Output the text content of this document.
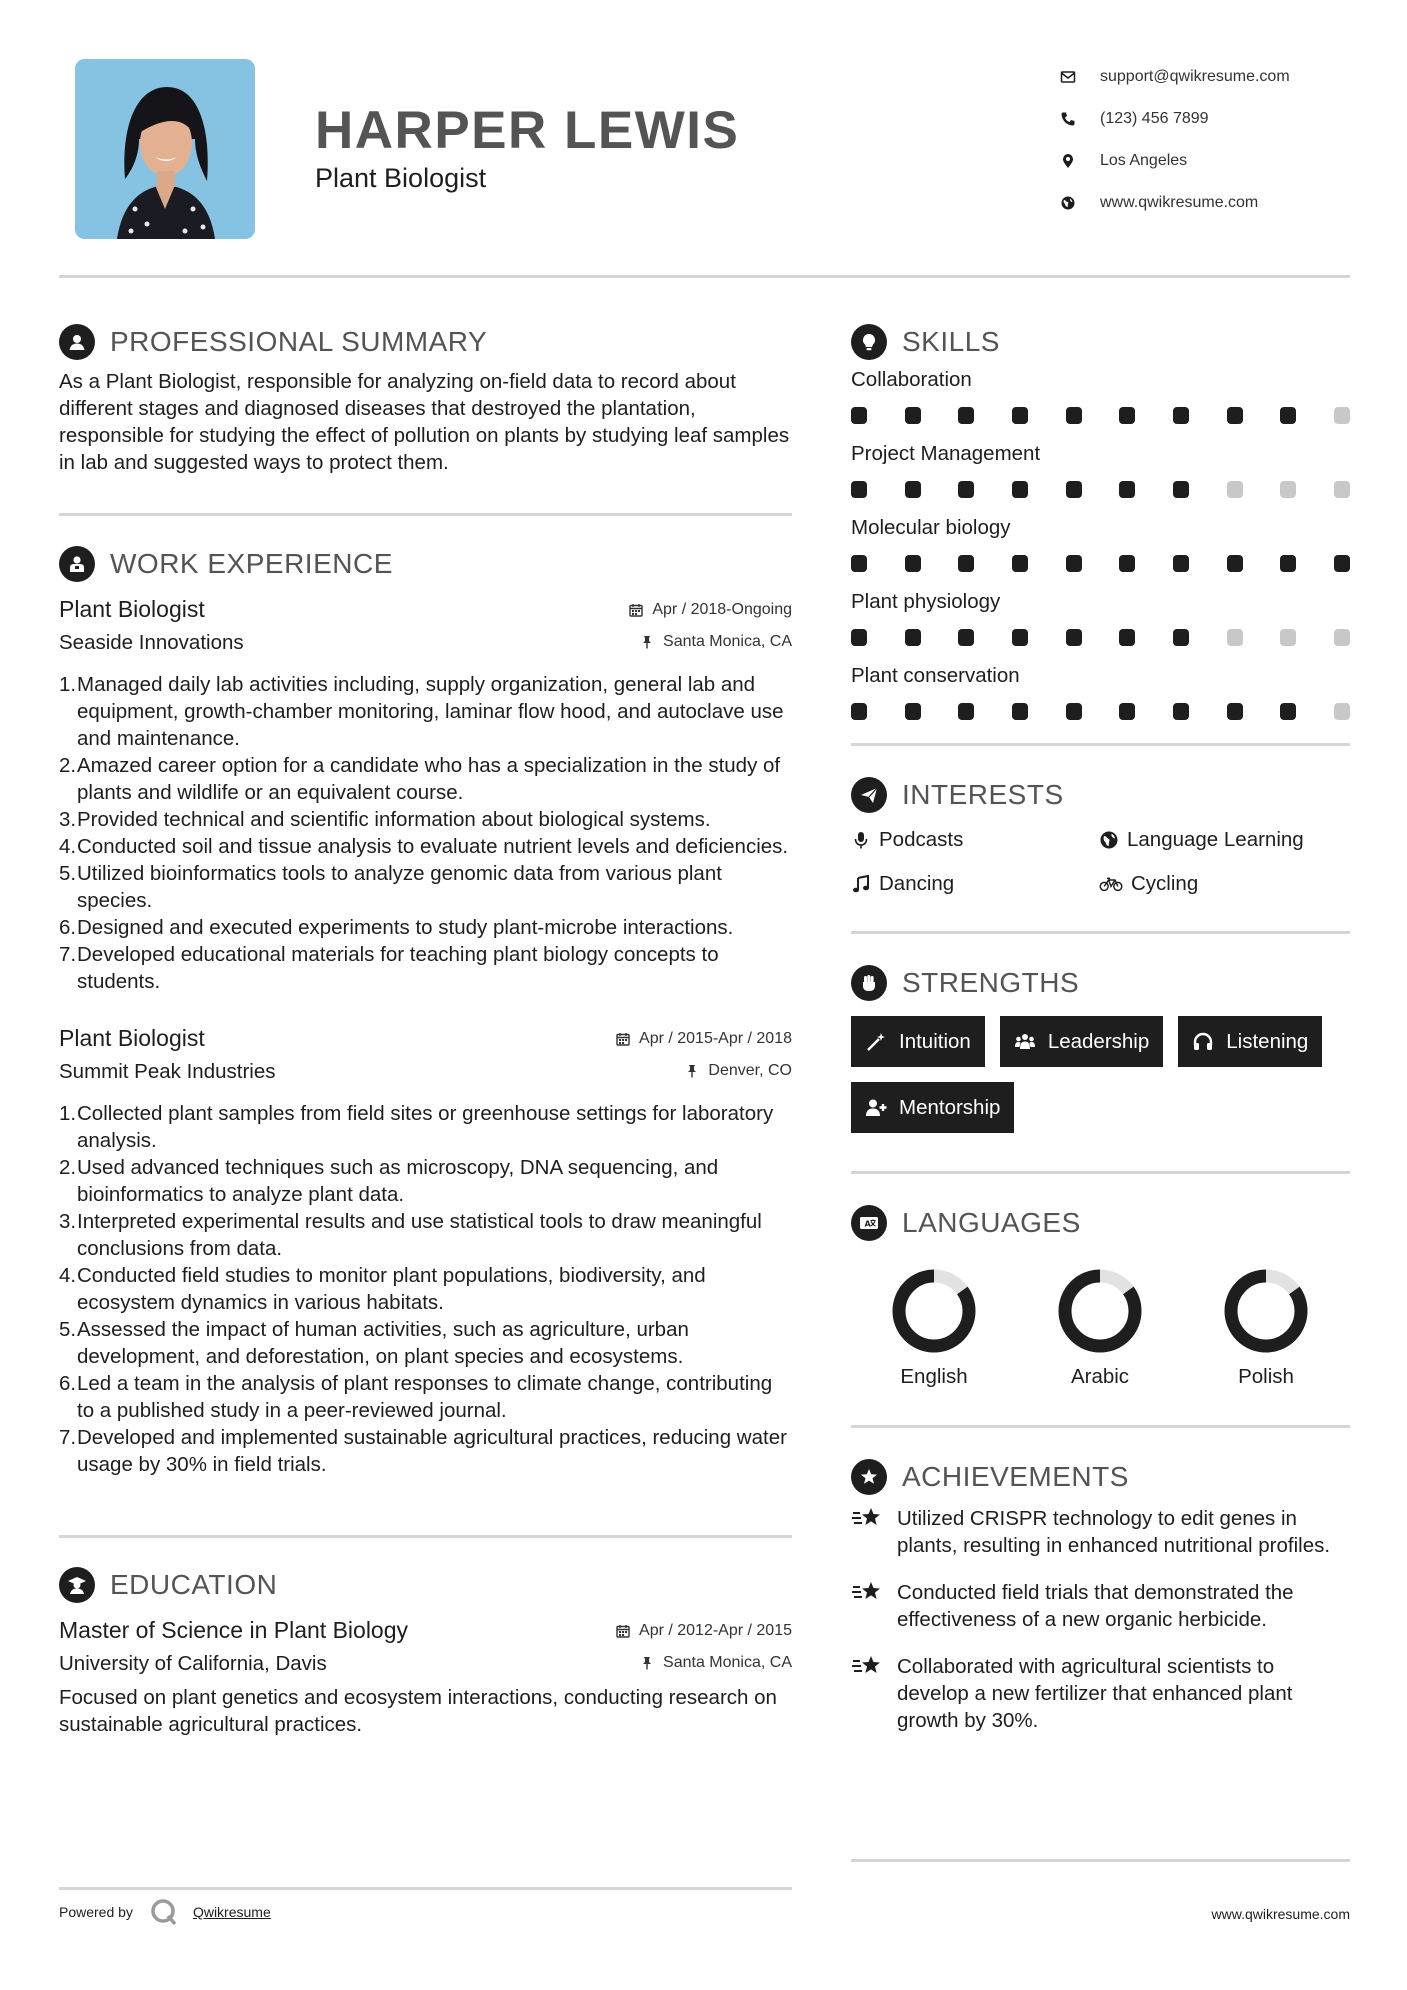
HARPER LEWIS
Plant Biologist
support@qwikresume.com
(123) 456 7899
Los Angeles
www.qwikresume.com
PROFESSIONAL SUMMARY

As a Plant Biologist, responsible for analyzing on-field data to record about different stages and diagnosed diseases that destroyed the plantation, responsible for studying the effect of pollution on plants by studying leaf samples in lab and suggested ways to protect them.

WORK EXPERIENCE
Plant Biologist	Apr / 2018-Ongoing
Seaside Innovations	Santa Monica, CA
Managed daily lab activities including, supply organization, general lab and equipment, growth-chamber monitoring, laminar flow hood, and autoclave use and maintenance.
Amazed career option for a candidate who has a specialization in the study of plants and wildlife or an equivalent course.
Provided technical and scientific information about biological systems.
Conducted soil and tissue analysis to evaluate nutrient levels and deficiencies.
Utilized bioinformatics tools to analyze genomic data from various plant species.
Designed and executed experiments to study plant-microbe interactions.
Developed educational materials for teaching plant biology concepts to students.
Plant Biologist	Apr / 2015-Apr / 2018
Summit Peak Industries	Denver, CO
Collected plant samples from field sites or greenhouse settings for laboratory analysis.
Used advanced techniques such as microscopy, DNA sequencing, and bioinformatics to analyze plant data.
Interpreted experimental results and use statistical tools to draw meaningful conclusions from data.
Conducted field studies to monitor plant populations, biodiversity, and ecosystem dynamics in various habitats.
Assessed the impact of human activities, such as agriculture, urban development, and deforestation, on plant species and ecosystems.
Led a team in the analysis of plant responses to climate change, contributing to a published study in a peer-reviewed journal.
Developed and implemented sustainable agricultural practices, reducing water usage by 30% in field trials.
EDUCATION
Master of Science in Plant Biology	Apr / 2012-Apr / 2015
University of California, Davis	Santa Monica, CA

Focused on plant genetics and ecosystem interactions, conducting research on sustainable agricultural practices.

SKILLS
Collaboration
Project Management
Molecular biology
Plant physiology
Plant conservation
INTERESTS
Podcasts	Language Learning
Dancing	Cycling
STRENGTHS
Intuition	Leadership	Listening
Mentorship
A LANGUAGES
English	Arabic	Polish
ACHIEVEMENTS
Utilized CRISPR technology to edit genes in plants, resulting in enhanced nutritional profiles.
Conducted field trials that demonstrated the effectiveness of a new organic herbicide.
Collaborated with agricultural scientists to develop a new fertilizer that enhanced plant growth by 30%.
Powered by	Qwikresume	www.qwikresume.com
